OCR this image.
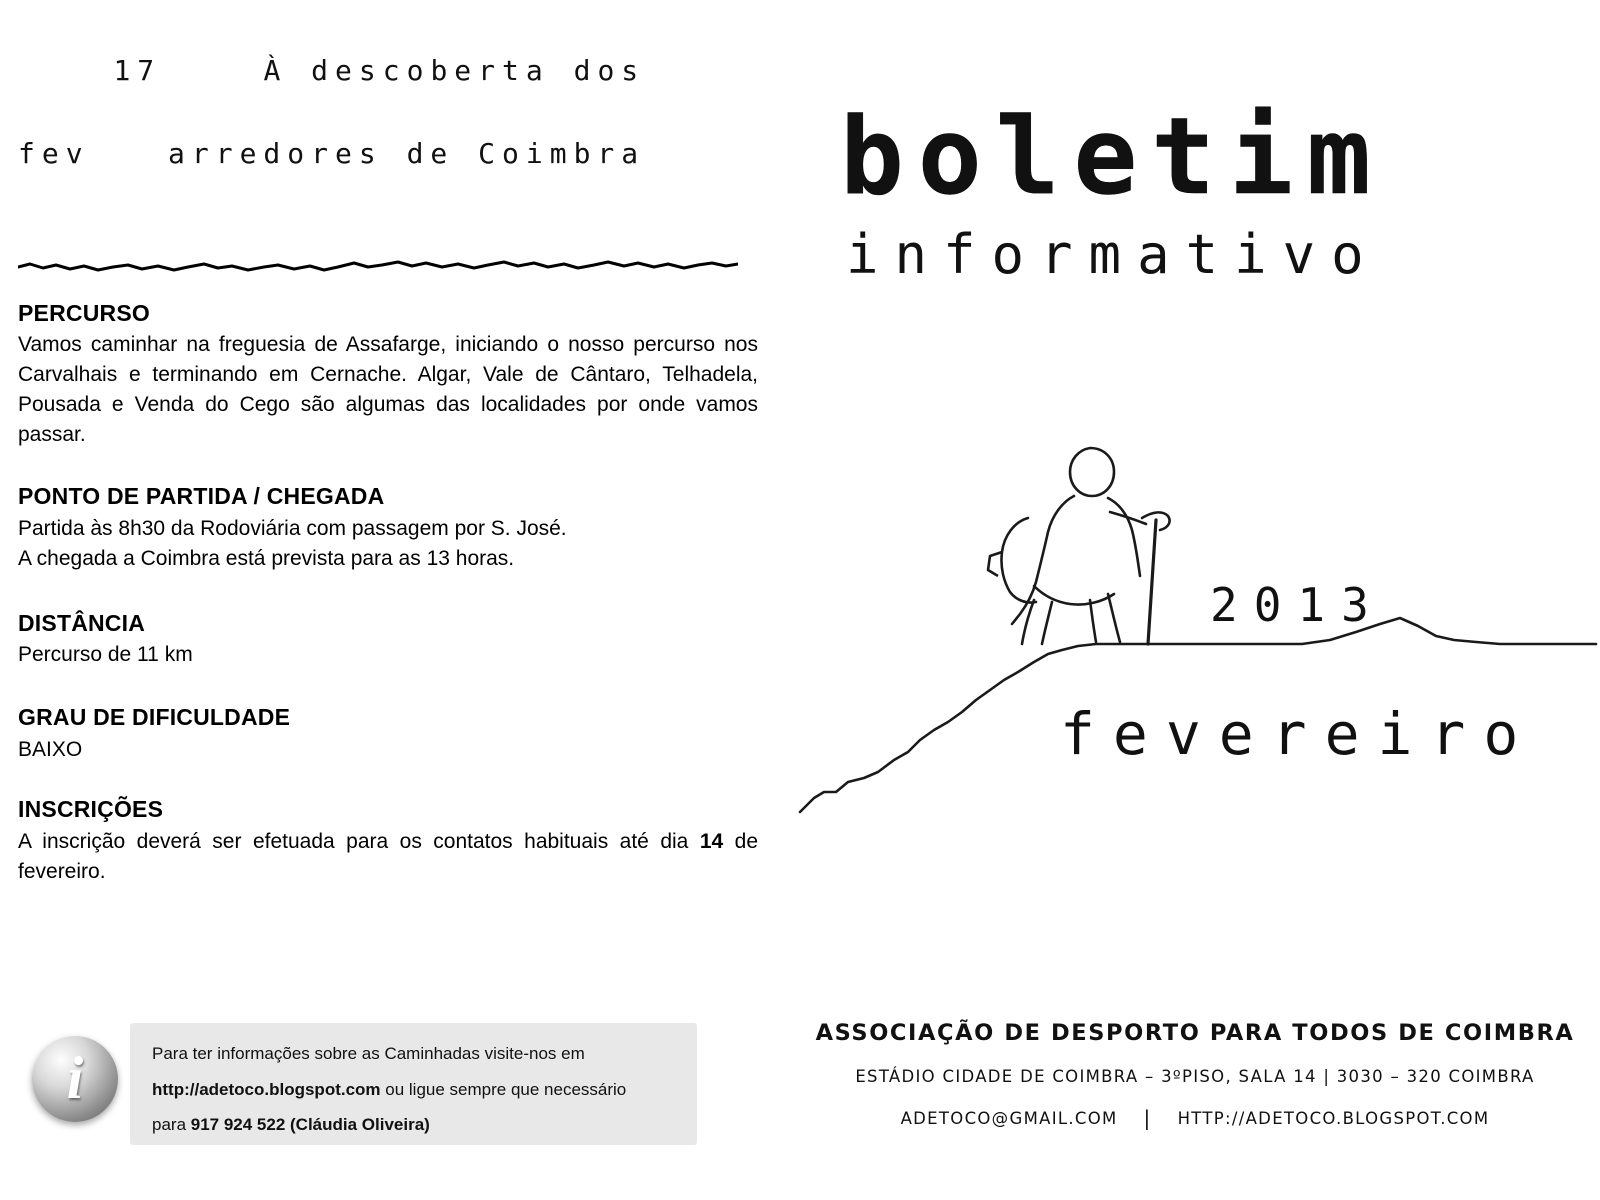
17	À descoberta dos

fev	arredores de Coimbra

PERCURSO

Vamos caminhar na freguesia de Assafarge, iniciando o nosso percurso nos Carvalhais e terminando em Cernache. Algar, Vale de Cântaro, Telhadela, Pousada e Venda do Cego são algumas das localidades por onde vamos passar.

PONTO DE PARTIDA / CHEGADA

Partida às 8h30 da Rodoviária com passagem por S. José.

A chegada a Coimbra está prevista para as 13 horas.

DISTÂNCIA

Percurso de 11 km

GRAU DE DIFICULDADE

BAIXO

INSCRIÇÕES

A inscrição deverá ser efetuada para os contatos habituais até dia 14 de fevereiro.

i	Para ter informações sobre as Caminhadas visite-nos em

http://adetoco.blogspot.com ou ligue sempre que necessário

para 917 924 522 (Cláudia Oliveira)

boletim
informativo
2013
fevereiro
ASSOCIAÇÃO DE DESPORTO PARA TODOS DE COIMBRA
ESTÁDIO CIDADE DE COIMBRA – 3ºPISO, SALA 14 | 3030 – 320 COIMBRA
ADETOCO@GMAIL.COM | HTTP://ADETOCO.BLOGSPOT.COM
